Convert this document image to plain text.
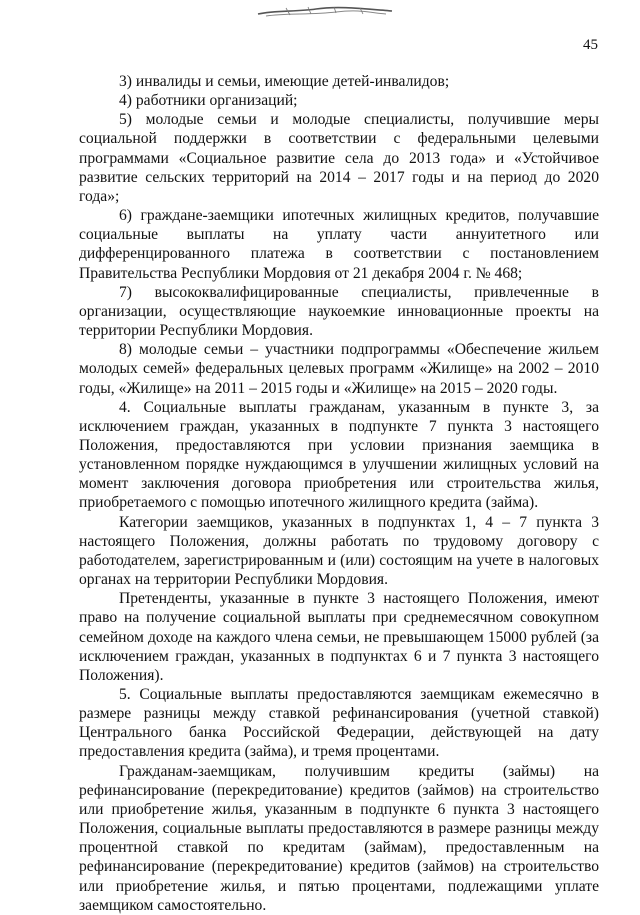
45

3) инвалиды и семьи, имеющие детей-инвалидов;

4) работники организаций;

5) молодые семьи и молодые специалисты, получившие меры социальной поддержки в соответствии с федеральными целевыми программами «Социальное развитие села до 2013 года» и «Устойчивое развитие сельских территорий на 2014 – 2017 годы и на период до 2020 года»;

6) граждане-заемщики ипотечных жилищных кредитов, получавшие социальные выплаты на уплату части аннуитетного или дифференцированного платежа в соответствии с постановлением Правительства Республики Мордовия от 21 декабря 2004 г. № 468;

7) высококвалифицированные специалисты, привлеченные в организации, осуществляющие наукоемкие инновационные проекты на территории Республики Мордовия.

8) молодые семьи – участники подпрограммы «Обеспечение жильем молодых семей» федеральных целевых программ «Жилище» на 2002 – 2010 годы, «Жилище» на 2011 – 2015 годы и «Жилище» на 2015 – 2020 годы.

4. Социальные выплаты гражданам, указанным в пункте 3, за исключением граждан, указанных в подпункте 7 пункта 3 настоящего Положения, предоставляются при условии признания заемщика в установленном порядке нуждающимся в улучшении жилищных условий на момент заключения договора приобретения или строительства жилья, приобретаемого с помощью ипотечного жилищного кредита (займа).

Категории заемщиков, указанных в подпунктах 1, 4 – 7 пункта 3 настоящего Положения, должны работать по трудовому договору с работодателем, зарегистрированным и (или) состоящим на учете в налоговых органах на территории Республики Мордовия.

Претенденты, указанные в пункте 3 настоящего Положения, имеют право на получение социальной выплаты при среднемесячном совокупном семейном доходе на каждого члена семьи, не превышающем 15000 рублей (за исключением граждан, указанных в подпунктах 6 и 7 пункта 3 настоящего Положения).

5. Социальные выплаты предоставляются заемщикам ежемесячно в размере разницы между ставкой рефинансирования (учетной ставкой) Центрального банка Российской Федерации, действующей на дату предоставления кредита (займа), и тремя процентами.

Гражданам-заемщикам, получившим кредиты (займы) на рефинансирование (перекредитование) кредитов (займов) на строительство или приобретение жилья, указанным в подпункте 6 пункта 3 настоящего Положения, социальные выплаты предоставляются в размере разницы между процентной ставкой по кредитам (займам), предоставленным на рефинансирование (перекредитование) кредитов (займов) на строительство или приобретение жилья, и пятью процентами, подлежащими уплате заемщиком самостоятельно.
